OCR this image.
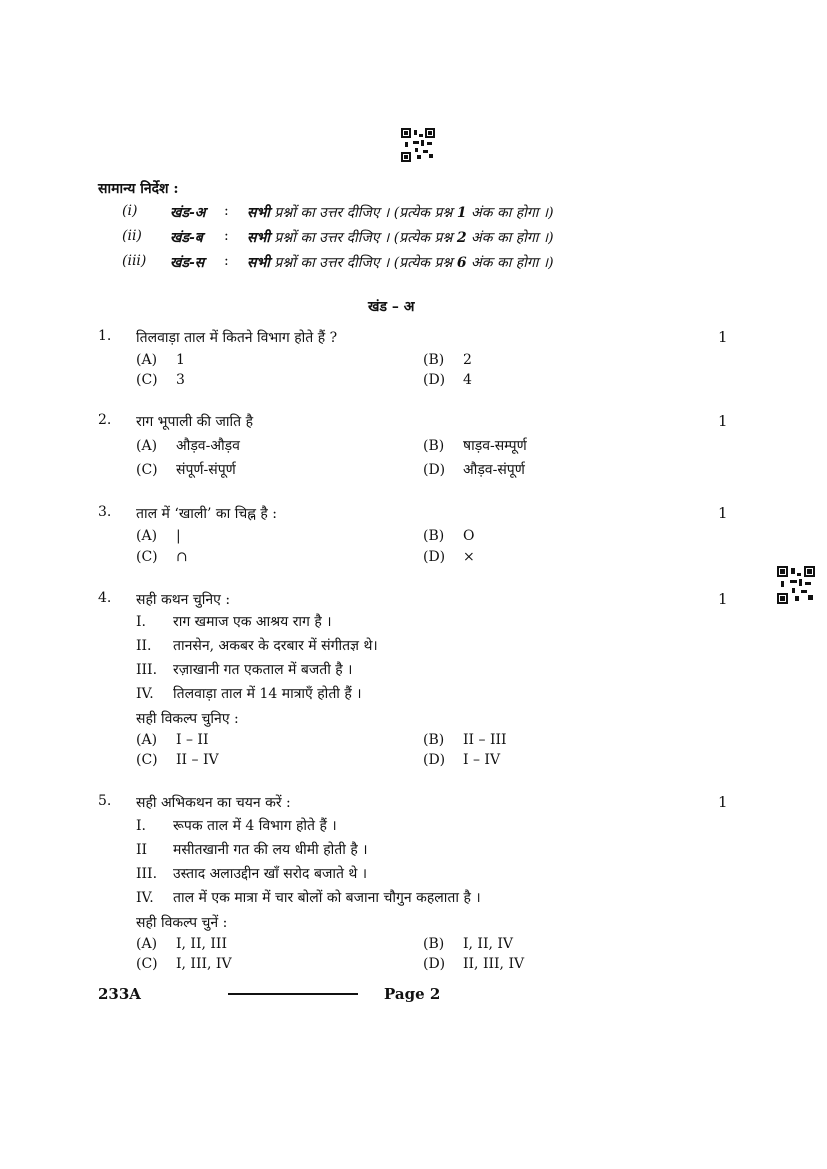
सामान्य निर्देश :
(i) खंड-अ : सभी प्रश्नों का उत्तर दीजिए । (प्रत्येक प्रश्न 1 अंक का होगा ।)
(ii) खंड-ब : सभी प्रश्नों का उत्तर दीजिए । (प्रत्येक प्रश्न 2 अंक का होगा ।)
(iii) खंड-स : सभी प्रश्नों का उत्तर दीजिए । (प्रत्येक प्रश्न 6 अंक का होगा ।)
खंड – अ
1. तिलवाड़ा ताल में कितने विभाग होते हैं ?	1
(A) 1	(B) 2
(C) 3	(D) 4
2. राग भूपाली की जाति है	1
(A) औड़व-औड़व	(B) षाड़व-सम्पूर्ण
(C) संपूर्ण-संपूर्ण	(D) औड़व-संपूर्ण
3. ताल में ‘खाली’ का चिह्न है :	1
(A) |	(B) O
(C) ∩	(D) ×
4. सही कथन चुनिए :	1
I. राग खमाज एक आश्रय राग है ।
II. तानसेन, अकबर के दरबार में संगीतज्ञ थे।
III. रज़ाखानी गत एकताल में बजती है ।
IV. तिलवाड़ा ताल में 14 मात्राएँ होती हैं ।
सही विकल्प चुनिए :
(A) I – II	(B) II – III
(C) II – IV	(D) I – IV
5. सही अभिकथन का चयन करें :	1
I. रूपक ताल में 4 विभाग होते हैं ।
II मसीतखानी गत की लय धीमी होती है ।
III. उस्ताद अलाउद्दीन खाँ सरोद बजाते थे ।
IV. ताल में एक मात्रा में चार बोलों को बजाना चौगुन कहलाता है ।
सही विकल्प चुनें :
(A) I, II, III	(B) I, II, IV
(C) I, III, IV	(D) II, III, IV
233A	Page 2
